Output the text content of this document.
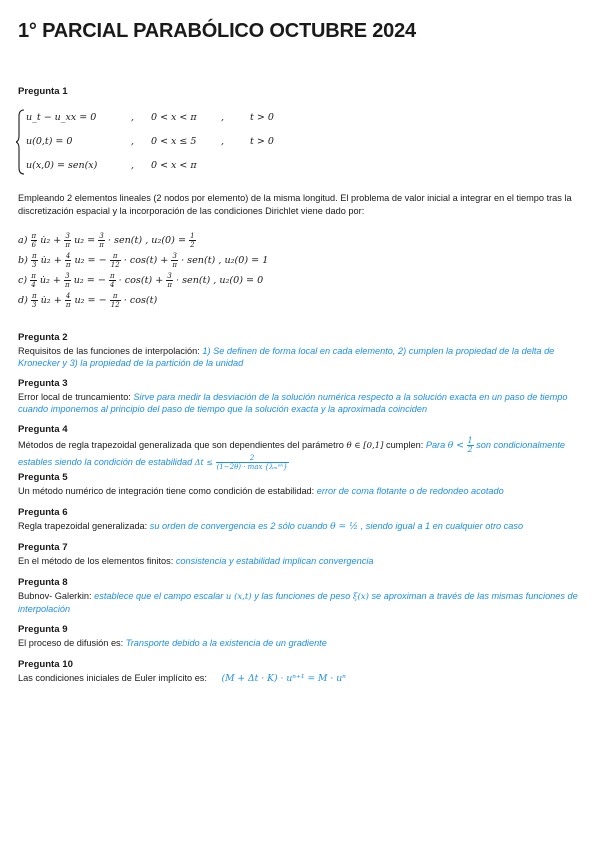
1° PARCIAL PARABÓLICO OCTUBRE 2024
Pregunta 1
u_t − u_xx = 0	, 0 < x < π	,	t > 0
u(0,t) = 0	, 0 < x ≤ 5	,	t > 0
u(x,0) = sen(x)	, 0 < x < π
Empleando 2 elementos lineales (2 nodos por elemento) de la misma longitud. El problema de valor inicial a integrar en el tiempo tras la discretización espacial y la incorporación de las condiciones Dirichlet viene dado por:
$a) \frac{\pi}{6}$ u̇₂ + $\frac{3}{\pi} u_2 = \frac{3}{\pi} \cdot sen(t)$ , $u_2(0) = \frac{1}{2}$
$b) \frac{\pi}{3}$ u̇₂ + $\frac{4}{\pi} u_2$ = − $\frac{\pi}{12} \cdot \cos(t) + \frac{3}{\pi} \cdot sen(t)$ , u₂(0) = 1
$c) \frac{\pi}{4}$ u̇₂ + $\frac{3}{\pi} u_2$ = − $\frac{\pi}{4} \cdot \cos(t) + \frac{3}{\pi} \cdot sen(t)$ , u₂(0) = 0
$d) \frac{\pi}{3}$ u̇₂ + $\frac{4}{\pi} u_2$ = − $\frac{\pi}{12} \cdot \cos(t)$
Pregunta 2
Requisitos de las funciones de interpolación: 1) Se definen de forma local en cada elemento, 2) cumplen la propiedad de la delta de Kronecker y 3) la propiedad de la partición de la unidad
Pregunta 3
Error local de truncamiento: Sirve para medir la desviación de la solución numérica respecto a la solución exacta en un paso de tiempo cuando imponemos al principio del paso de tiempo que la solución exacta y la aproximada coinciden
Pregunta 4
Métodos de regla trapezoidal generalizada que son dependientes del parámetro θ ∈ [0,1] cumplen: Para $\theta < \frac{1}{2}$ son condicionalmente estables siendo la condición de estabilidad $\Delta t \le \frac{2}{\text{(1−2θ) · max \{λₘˢʰ\}}}$
Pregunta 5
Un método numérico de integración tiene como condición de estabilidad: error de coma flotante o de redondeo acotado
Pregunta 6
Regla trapezoidal generalizada: su orden de convergencia es 2 sólo cuando θ = ½ , siendo igual a 1 en cualquier otro caso
Pregunta 7
En el método de los elementos finitos: consistencia y estabilidad implican convergencia
Pregunta 8
Bubnov- Galerkin: establece que el campo escalar u (x,t) y las funciones de peso ξ(x) se aproximan a través de las mismas funciones de interpolación
Pregunta 9
El proceso de difusión es: Transporte debido a la existencia de un gradiente
Pregunta 10
Las condiciones iniciales de Euler implícito es: (M + Δt · K) · uⁿ⁺¹ = M · uⁿ
